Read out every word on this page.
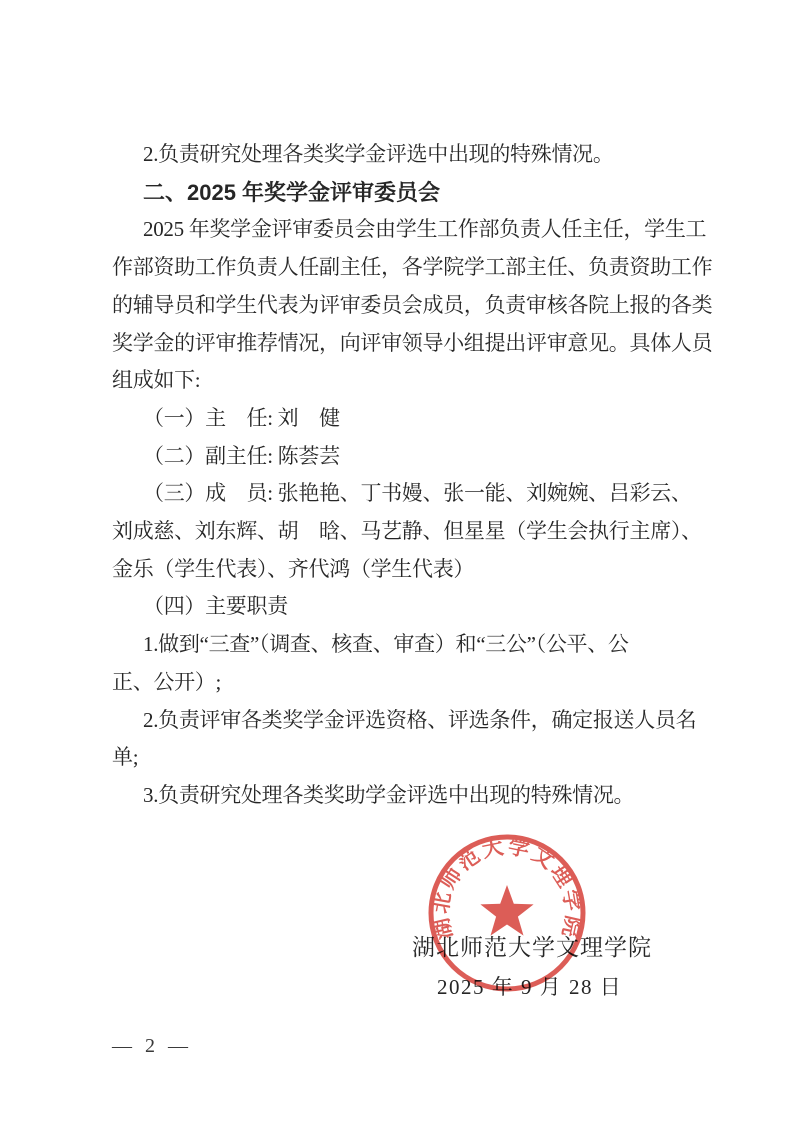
2.负责研究处理各类奖学金评选中出现的特殊情况。
二、2025 年奖学金评审委员会
2025 年奖学金评审委员会由学生工作部负责人任主任，学生工
作部资助工作负责人任副主任，各学院学工部主任、负责资助工作
的辅导员和学生代表为评审委员会成员，负责审核各院上报的各类
奖学金的评审推荐情况，向评审领导小组提出评审意见。具体人员
组成如下:
（一）主　任: 刘　健
（二）副主任: 陈荟芸
（三）成　员: 张艳艳、丁书嫚、张一能、刘婉婉、吕彩云、
刘成慈、刘东辉、胡　晗、马艺静、但星星（学生会执行主席）、
金乐（学生代表）、齐代鸿（学生代表）
（四）主要职责
1.做到“三查”（调查、核查、审查）和“三公”（公平、公
正、公开）;
2.负责评审各类奖学金评选资格、评选条件，确定报送人员名
单;
3.负责研究处理各类奖助学金评选中出现的特殊情况。
湖北师范大学文理学院
2025 年 9 月 28 日
湖北师范大学文理学院
— 2 —
